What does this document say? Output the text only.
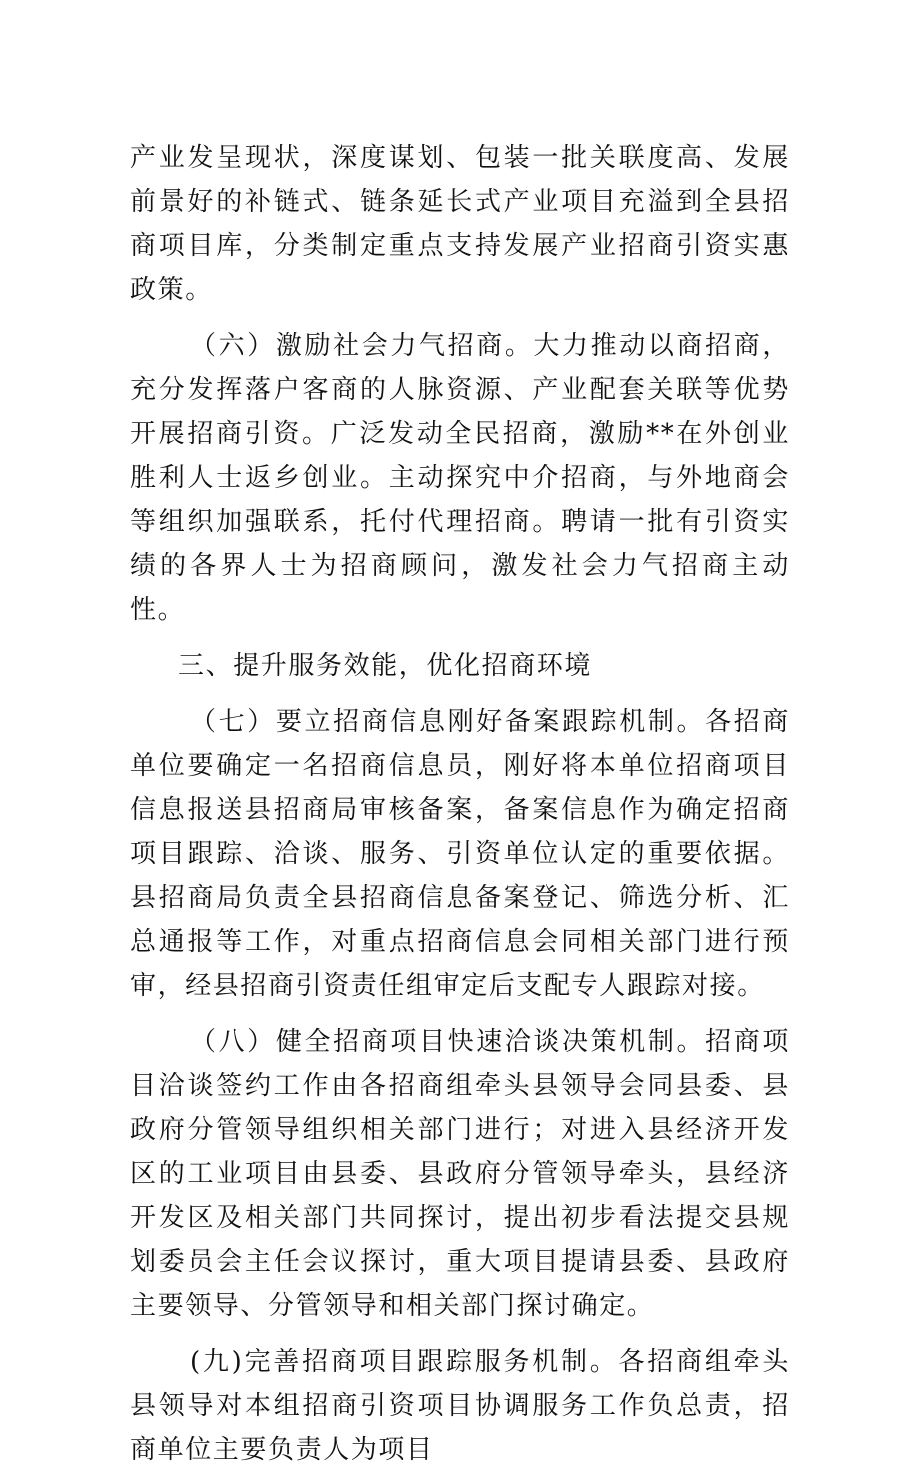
产业发呈现状，深度谋划、包装一批关联度高、发展前景好的补链式、链条延长式产业项目充溢到全县招商项目库，分类制定重点支持发展产业招商引资实惠政策。

（六）激励社会力气招商。大力推动以商招商，充分发挥落户客商的人脉资源、产业配套关联等优势开展招商引资。广泛发动全民招商，激励**在外创业胜利人士返乡创业。主动探究中介招商，与外地商会等组织加强联系，托付代理招商。聘请一批有引资实绩的各界人士为招商顾问，激发社会力气招商主动性。

三、提升服务效能，优化招商环境

（七）要立招商信息刚好备案跟踪机制。各招商单位要确定一名招商信息员，刚好将本单位招商项目信息报送县招商局审核备案，备案信息作为确定招商项目跟踪、洽谈、服务、引资单位认定的重要依据。县招商局负责全县招商信息备案登记、筛选分析、汇总通报等工作，对重点招商信息会同相关部门进行预审，经县招商引资责任组审定后支配专人跟踪对接。

（八）健全招商项目快速洽谈决策机制。招商项目洽谈签约工作由各招商组牵头县领导会同县委、县政府分管领导组织相关部门进行；对进入县经济开发区的工业项目由县委、县政府分管领导牵头，县经济开发区及相关部门共同探讨，提出初步看法提交县规划委员会主任会议探讨，重大项目提请县委、县政府主要领导、分管领导和相关部门探讨确定。

(九)完善招商项目跟踪服务机制。各招商组牵头县领导对本组招商引资项目协调服务工作负总责，招商单位主要负责人为项目
